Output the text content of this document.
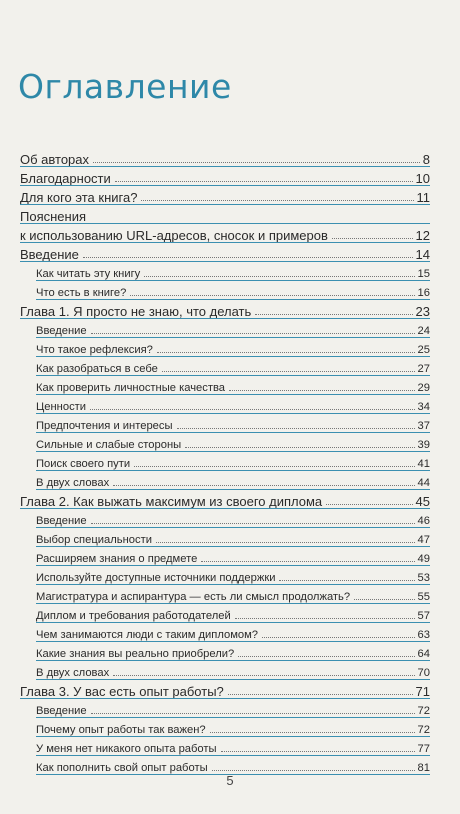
Оглавление
Об авторах	8
Благодарности	10
Для кого эта книга?	11
Пояснения
к использованию URL-адресов, сносок и примеров	12
Введение	14
Как читать эту книгу	15
Что есть в книге?	16
Глава 1. Я просто не знаю, что делать	23
Введение	24
Что такое рефлексия?	25
Как разобраться в себе	27
Как проверить личностные качества	29
Ценности	34
Предпочтения и интересы	37
Сильные и слабые стороны	39
Поиск своего пути	41
В двух словах	44
Глава 2. Как выжать максимум из своего диплома	45
Введение	46
Выбор специальности	47
Расширяем знания о предмете	49
Используйте доступные источники поддержки	53
Магистратура и аспирантура — есть ли смысл продолжать?	55
Диплом и требования работодателей	57
Чем занимаются люди с таким дипломом?	63
Какие знания вы реально приобрели?	64
В двух словах	70
Глава 3. У вас есть опыт работы?	71
Введение	72
Почему опыт работы так важен?	72
У меня нет никакого опыта работы	77
Как пополнить свой опыт работы	81
5
